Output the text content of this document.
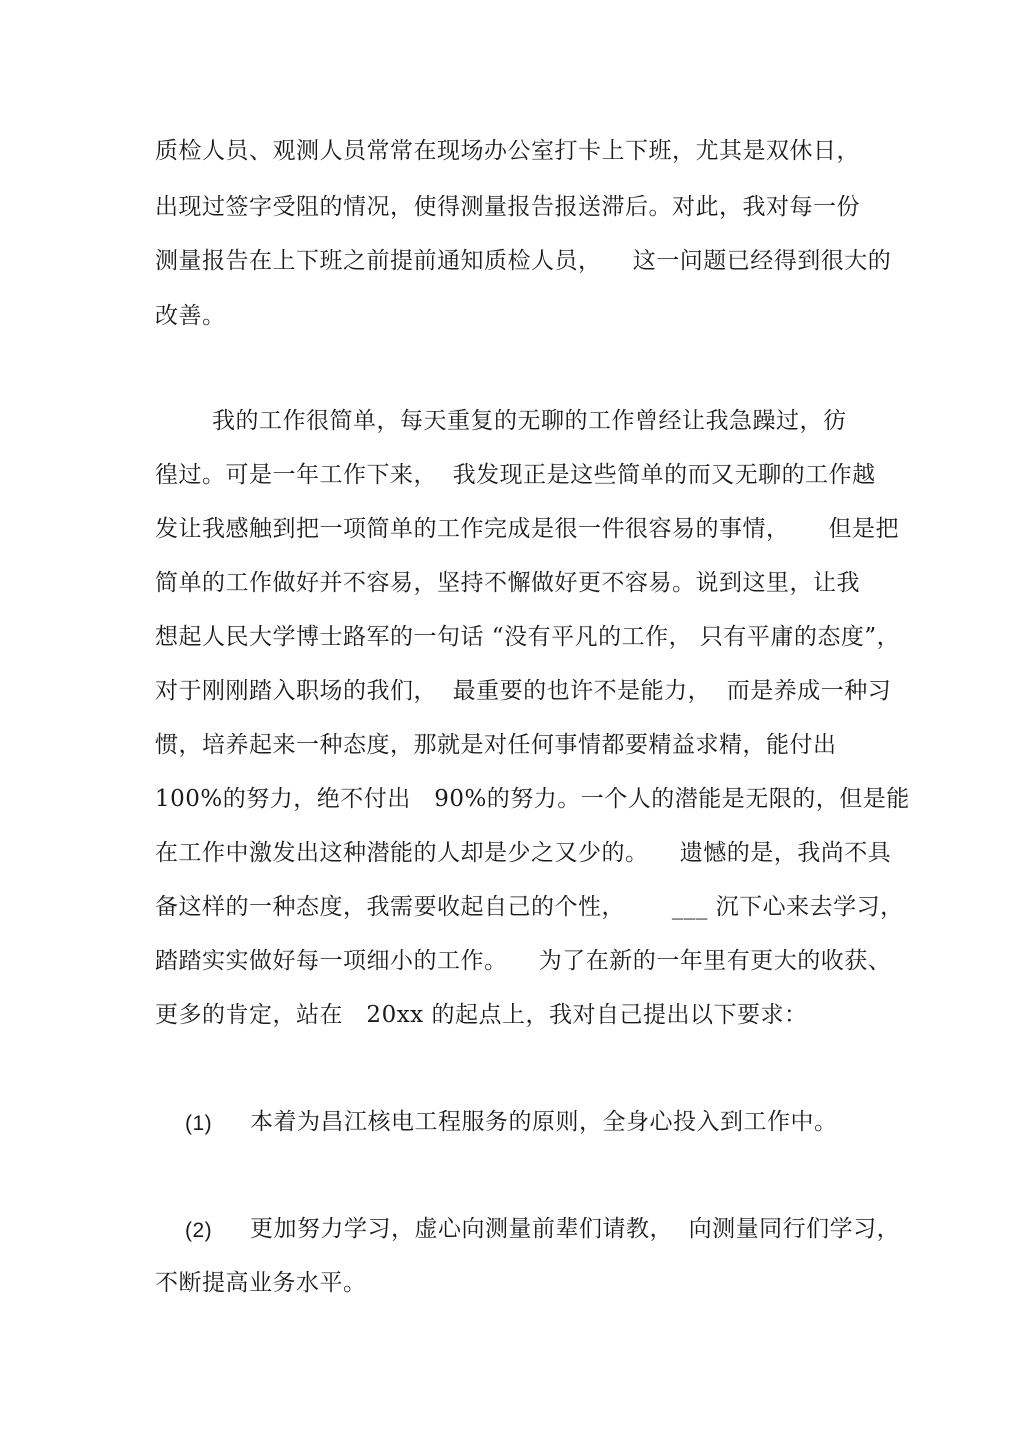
质检人员、观测人员常常在现场办公室打卡上下班，尤其是双休日，
出现过签字受阻的情况，使得测量报告报送滞后。对此，我对每一份
测量报告在上下班之前提前通知质检人员，    这一问题已经得到很大的
改善。
我的工作很简单，每天重复的无聊的工作曾经让我急躁过，彷
徨过。可是一年工作下来，  我发现正是这些简单的而又无聊的工作越
发让我感触到把一项简单的工作完成是很一件很容易的事情，     但是把
简单的工作做好并不容易，坚持不懈做好更不容易。说到这里，让我
想起人民大学博士路军的一句话 “没有平凡的工作， 只有平庸的态度”，
对于刚刚踏入职场的我们，  最重要的也许不是能力，  而是养成一种习
惯，培养起来一种态度，那就是对任何事情都要精益求精，能付出
100%的努力，绝不付出   90%的努力。一个人的潜能是无限的，但是能
在工作中激发出这种潜能的人却是少之又少的。    遗憾的是，我尚不具
备这样的一种态度，我需要收起自己的个性，      ___ 沉下心来去学习，
踏踏实实做好每一项细小的工作。    为了在新的一年里有更大的收获、
更多的肯定，站在   20xx 的起点上，我对自己提出以下要求：
(1) 本着为昌江核电工程服务的原则，全身心投入到工作中。
(2) 更加努力学习，虚心向测量前辈们请教，  向测量同行们学习，
不断提高业务水平。
